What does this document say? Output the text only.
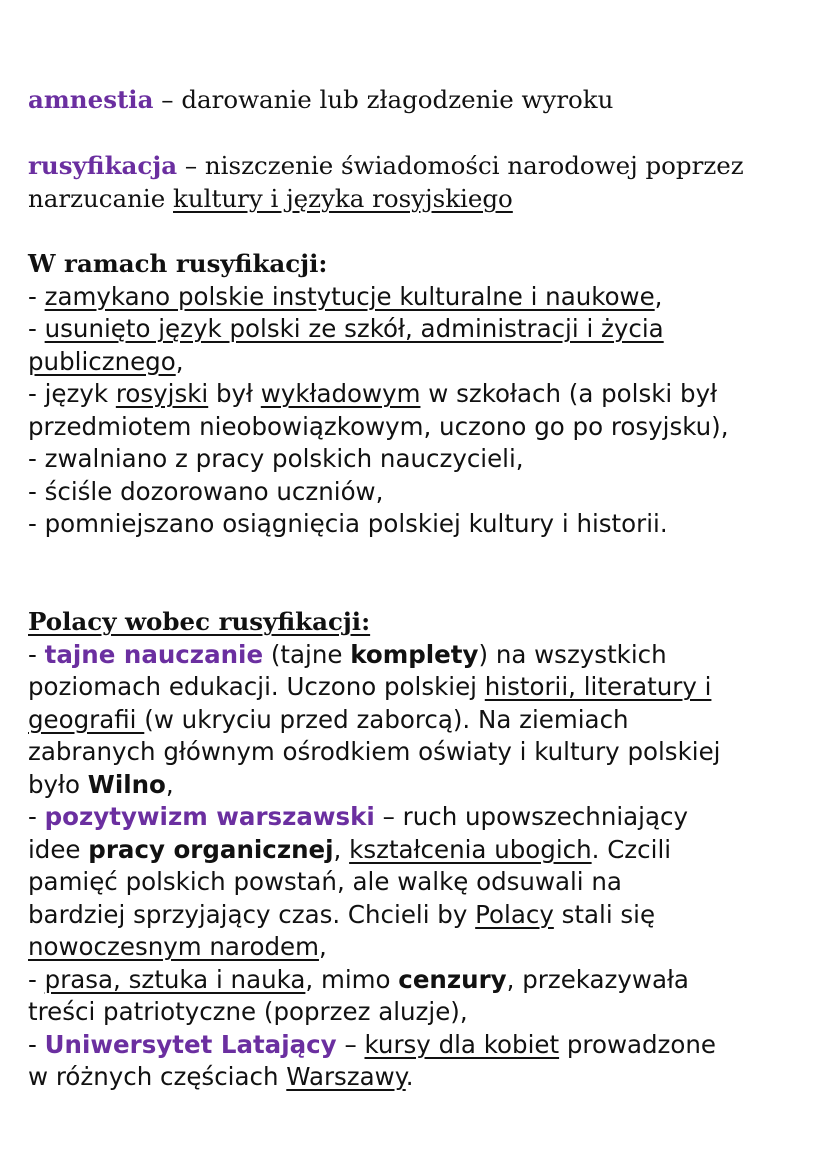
amnestia – darowanie lub złagodzenie wyroku
rusyfikacja – niszczenie świadomości narodowej poprzez
narzucanie kultury i języka rosyjskiego
W ramach rusyfikacji:
- zamykano polskie instytucje kulturalne i naukowe,
- usunięto język polski ze szkół, administracji i życia
publicznego,
- język rosyjski był wykładowym w szkołach (a polski był
przedmiotem nieobowiązkowym, uczono go po rosyjsku),
- zwalniano z pracy polskich nauczycieli,
- ściśle dozorowano uczniów,
- pomniejszano osiągnięcia polskiej kultury i historii.
Polacy wobec rusyfikacji:
- tajne nauczanie (tajne komplety) na wszystkich
poziomach edukacji. Uczono polskiej historii, literatury i
geografii (w ukryciu przed zaborcą). Na ziemiach
zabranych głównym ośrodkiem oświaty i kultury polskiej
było Wilno,
- pozytywizm warszawski – ruch upowszechniający
idee pracy organicznej, kształcenia ubogich. Czcili
pamięć polskich powstań, ale walkę odsuwali na
bardziej sprzyjający czas. Chcieli by Polacy stali się
nowoczesnym narodem,
- prasa, sztuka i nauka, mimo cenzury, przekazywała
treści patriotyczne (poprzez aluzje),
- Uniwersytet Latający – kursy dla kobiet prowadzone
w różnych częściach Warszawy.
